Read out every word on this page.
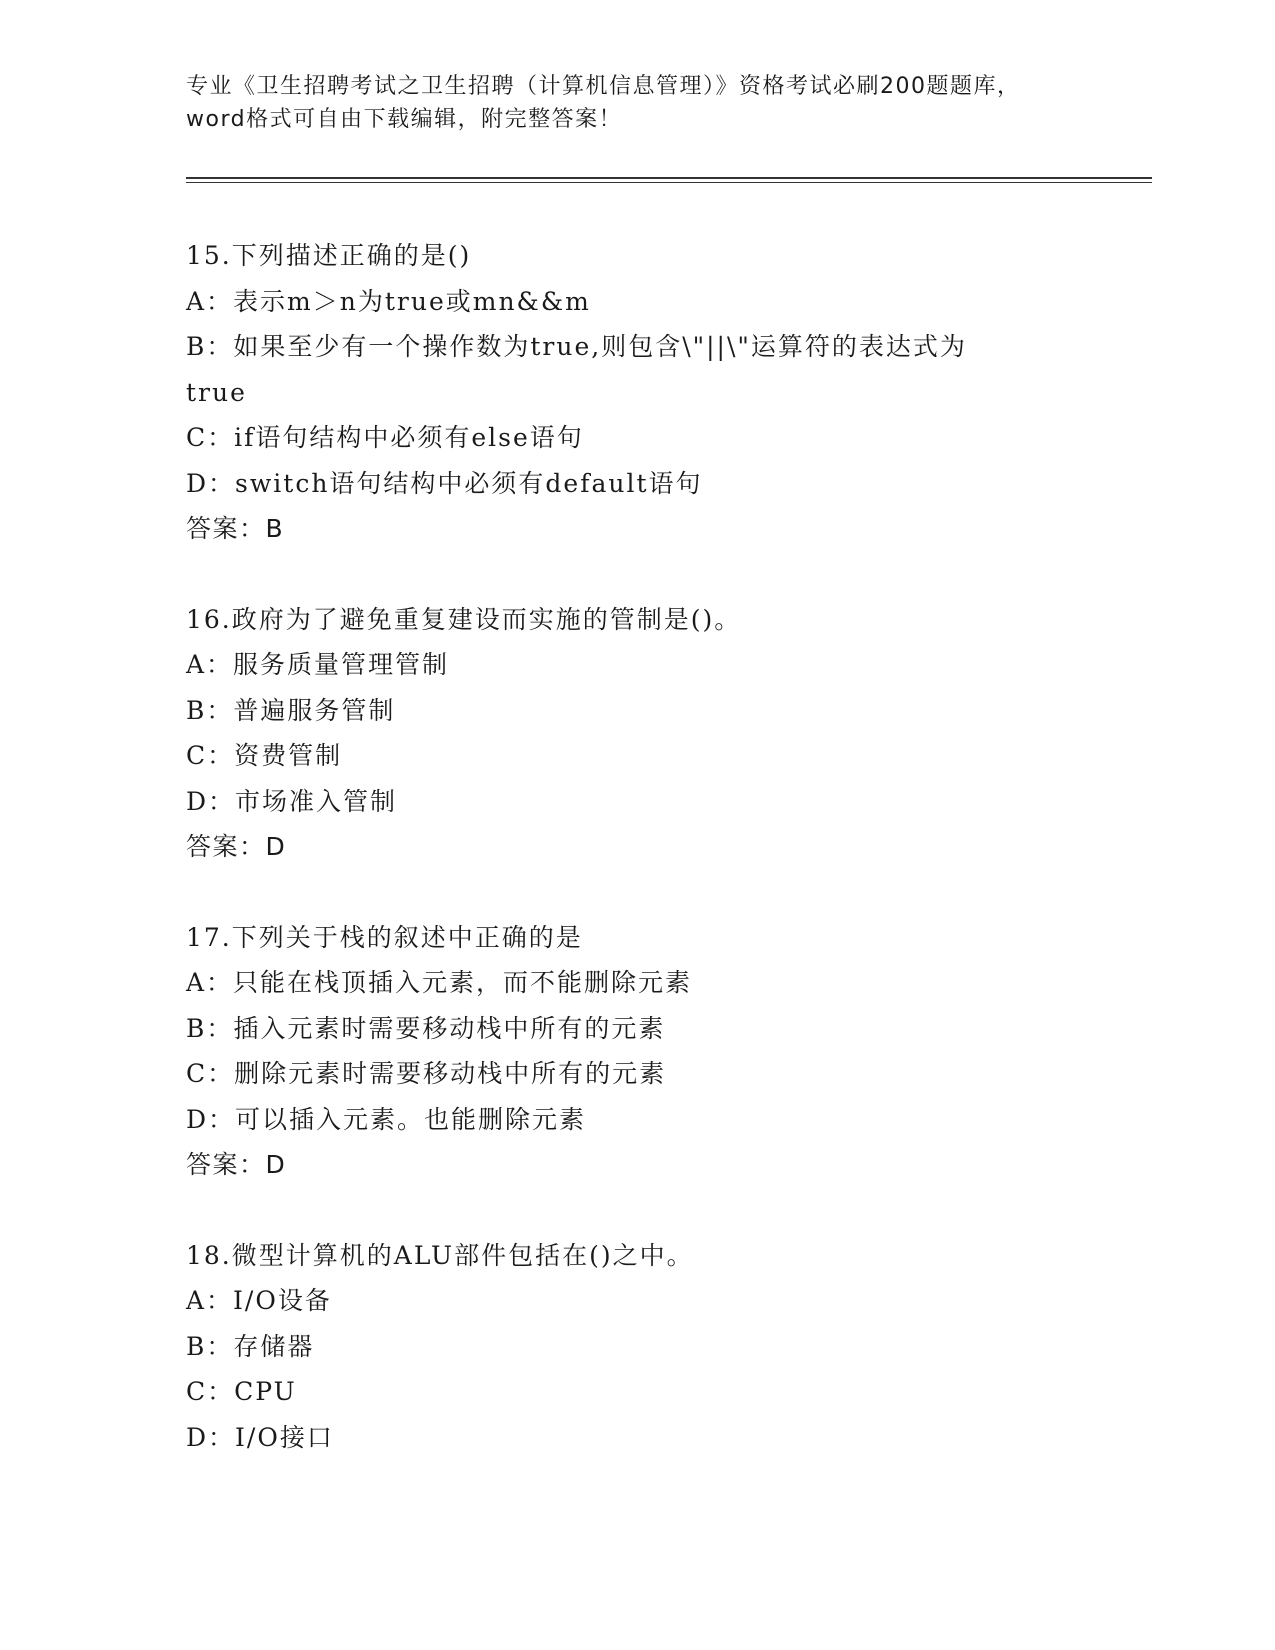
专业《卫生招聘考试之卫生招聘（计算机信息管理）》资格考试必刷200题题库，
word格式可自由下载编辑，附完整答案！
15.下列描述正确的是()
A：表示m＞n为true或mn&&m
B：如果至少有一个操作数为true,则包含\"||\"运算符的表达式为
true
C：if语句结构中必须有else语句
D：switch语句结构中必须有default语句
答案：B
16.政府为了避免重复建设而实施的管制是()。
A：服务质量管理管制
B：普遍服务管制
C：资费管制
D：市场准入管制
答案：D
17.下列关于栈的叙述中正确的是
A：只能在栈顶插入元素，而不能删除元素
B：插入元素时需要移动栈中所有的元素
C：删除元素时需要移动栈中所有的元素
D：可以插入元素。也能删除元素
答案：D
18.微型计算机的ALU部件包括在()之中。
A：I/O设备
B：存储器
C：CPU
D：I/O接口
